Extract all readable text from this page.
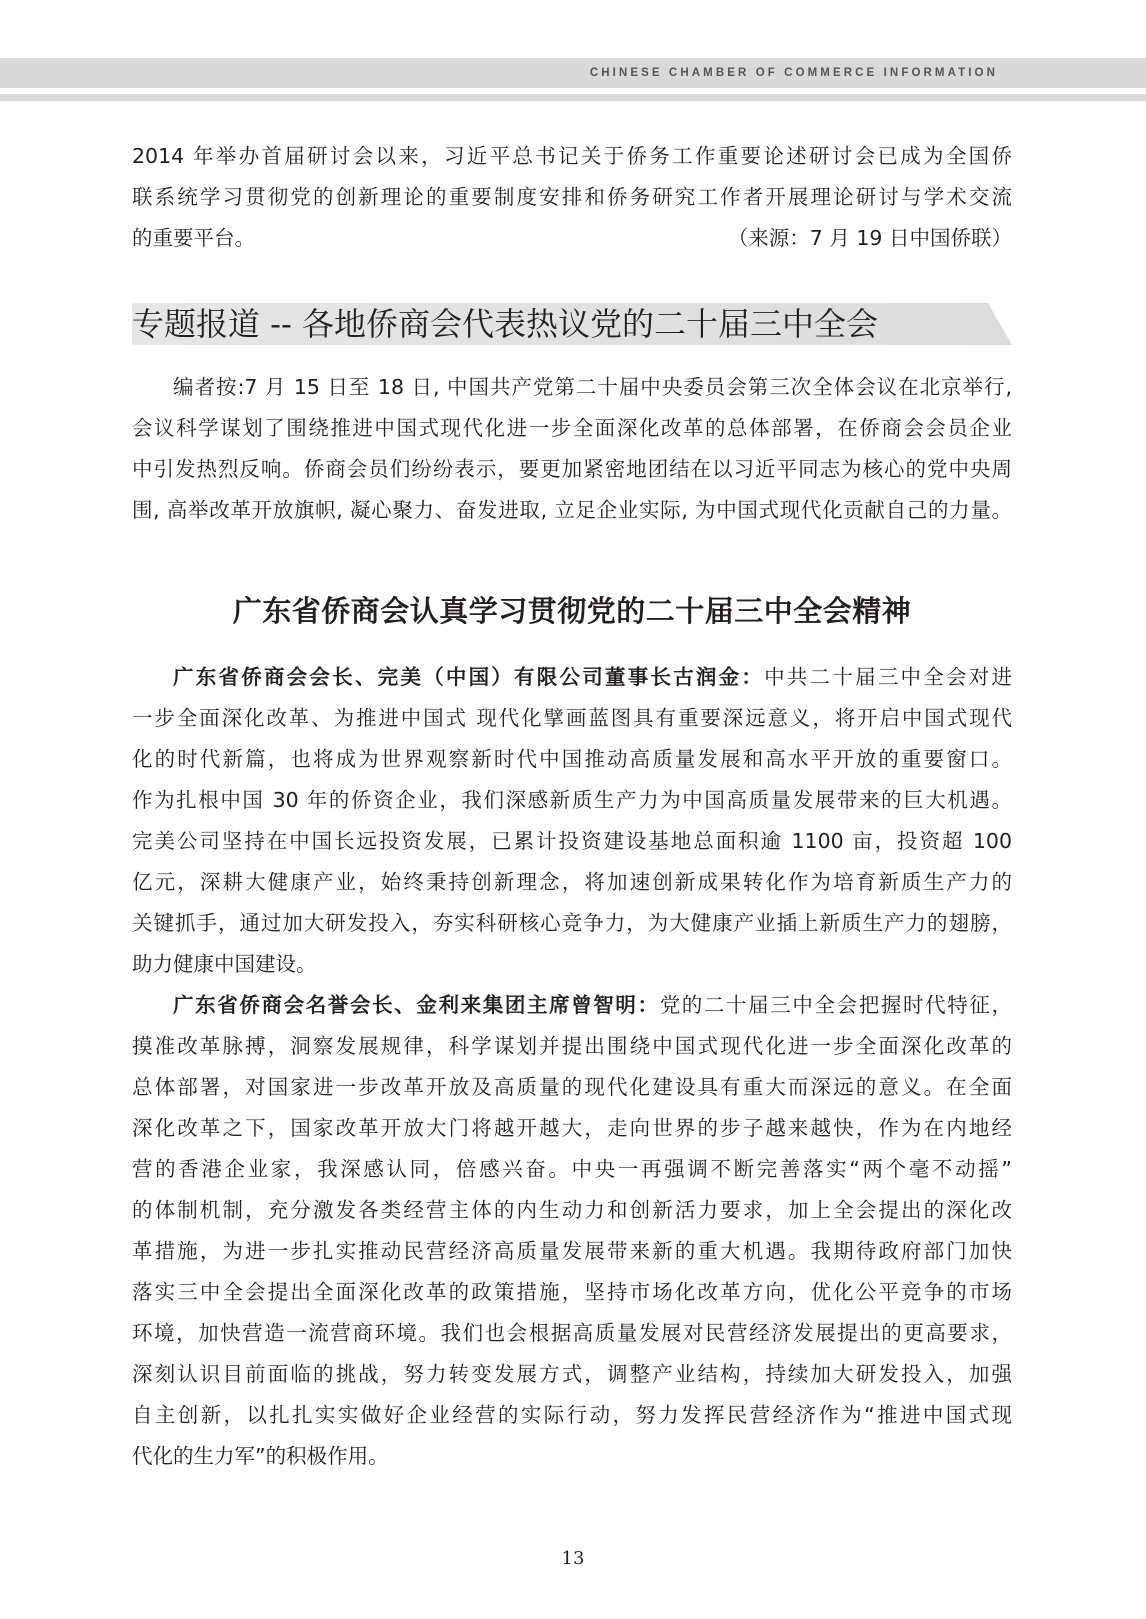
CHINESE CHAMBER OF COMMERCE INFORMATION

2014 年举办首届研讨会以来，习近平总书记关于侨务工作重要论述研讨会已成为全国侨

联系统学习贯彻党的创新理论的重要制度安排和侨务研究工作者开展理论研讨与学术交流

的重要平台。	（来源：7 月 19 日中国侨联）

专题报道 -- 各地侨商会代表热议党的二十届三中全会

编者按:7 月 15 日至 18 日, 中国共产党第二十届中央委员会第三次全体会议在北京举行,

会议科学谋划了围绕推进中国式现代化进一步全面深化改革的总体部署，在侨商会会员企业

中引发热烈反响。侨商会员们纷纷表示，要更加紧密地团结在以习近平同志为核心的党中央周

围, 高举改革开放旗帜, 凝心聚力、奋发进取, 立足企业实际, 为中国式现代化贡献自己的力量。

广东省侨商会认真学习贯彻党的二十届三中全会精神

广东省侨商会会长、完美（中国）有限公司董事长古润金：中共二十届三中全会对进

一步全面深化改革、为推进中国式 现代化擘画蓝图具有重要深远意义，将开启中国式现代

化的时代新篇，也将成为世界观察新时代中国推动高质量发展和高水平开放的重要窗口。

作为扎根中国 30 年的侨资企业，我们深感新质生产力为中国高质量发展带来的巨大机遇。

完美公司坚持在中国长远投资发展，已累计投资建设基地总面积逾 1100 亩，投资超 100

亿元，深耕大健康产业，始终秉持创新理念，将加速创新成果转化作为培育新质生产力的

关键抓手，通过加大研发投入，夯实科研核心竞争力，为大健康产业插上新质生产力的翅膀，

助力健康中国建设。

广东省侨商会名誉会长、金利来集团主席曾智明：党的二十届三中全会把握时代特征，

摸准改革脉搏，洞察发展规律，科学谋划并提出围绕中国式现代化进一步全面深化改革的

总体部署，对国家进一步改革开放及高质量的现代化建设具有重大而深远的意义。在全面

深化改革之下，国家改革开放大门将越开越大，走向世界的步子越来越快，作为在内地经

营的香港企业家，我深感认同，倍感兴奋。中央一再强调不断完善落实“两个毫不动摇”

的体制机制，充分激发各类经营主体的内生动力和创新活力要求，加上全会提出的深化改

革措施，为进一步扎实推动民营经济高质量发展带来新的重大机遇。我期待政府部门加快

落实三中全会提出全面深化改革的政策措施，坚持市场化改革方向，优化公平竞争的市场

环境，加快营造一流营商环境。我们也会根据高质量发展对民营经济发展提出的更高要求，

深刻认识目前面临的挑战，努力转变发展方式，调整产业结构，持续加大研发投入，加强

自主创新，以扎扎实实做好企业经营的实际行动，努力发挥民营经济作为“推进中国式现

代化的生力军”的积极作用。

13
